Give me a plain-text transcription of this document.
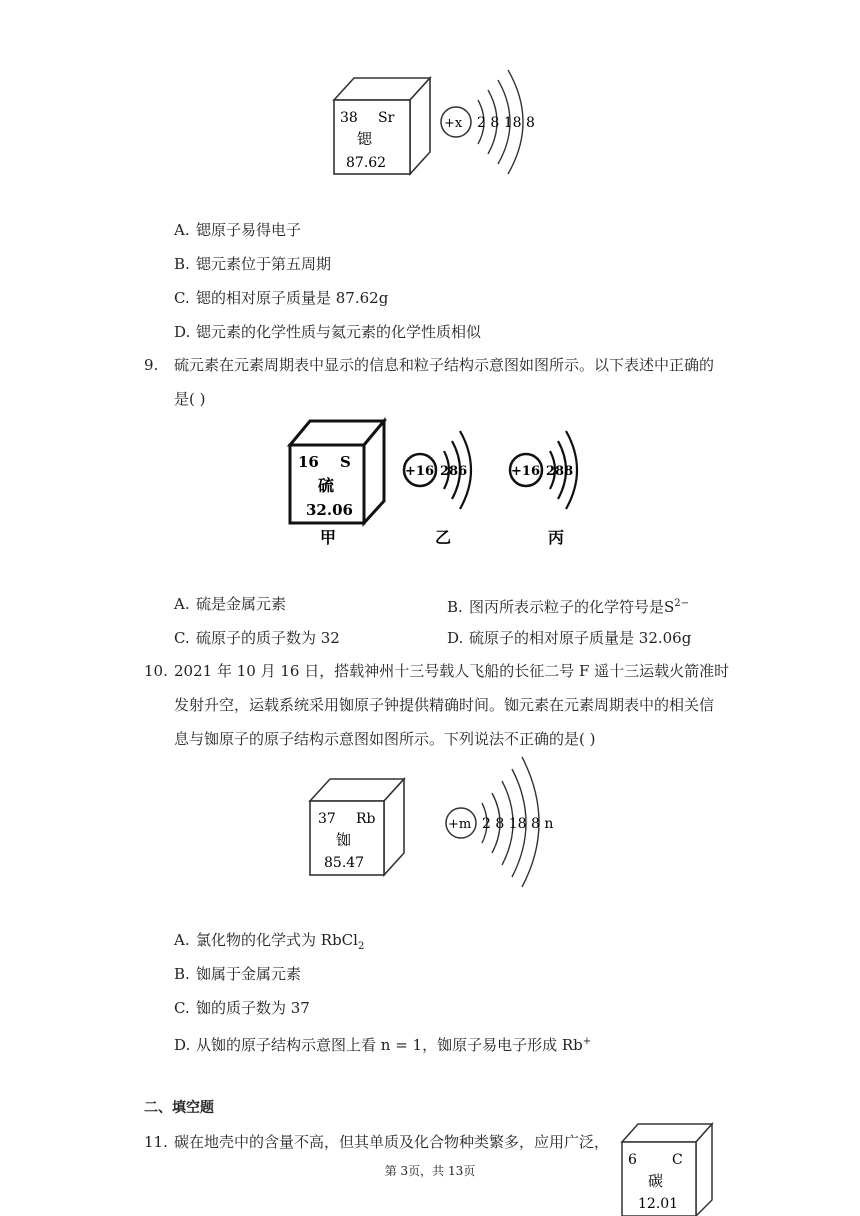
38 Sr
锶
87.62
+x 2 8 18 8
A. 锶原子易得电子
B. 锶元素位于第五周期
C. 锶的相对原子质量是 87.62g
D. 锶元素的化学性质与氦元素的化学性质相似
9. 硫元素在元素周期表中显示的信息和粒子结构示意图如图所示。以下表述中正确的
是( )
16 S
硫
32.06
甲
+16 286
乙
+16 288
丙
A. 硫是金属元素	B. 图丙所表示粒子的化学符号是$S^{2-}$
C. 硫原子的质子数为 32	D. 硫原子的相对原子质量是 32.06g
10. 2021 年 10 月 16 日，搭载神州十三号载人飞船的长征二号 F 遥十三运载火箭准时
发射升空，运载系统采用铷原子钟提供精确时间。铷元素在元素周期表中的相关信
息与铷原子的原子结构示意图如图所示。下列说法不正确的是( )
37 Rb
铷
85.47
+m 2 8 18 8 n
A. 氯化物的化学式为 RbCl$_2$
B. 铷属于金属元素
C. 铷的质子数为 37
D. 从铷的原子结构示意图上看 n = 1，铷原子易电子形成 Rb+
二、填空题
11. 碳在地壳中的含量不高，但其单质及化合物种类繁多，应用广泛，
6	C
碳
12.01
第 3页，共 13页
